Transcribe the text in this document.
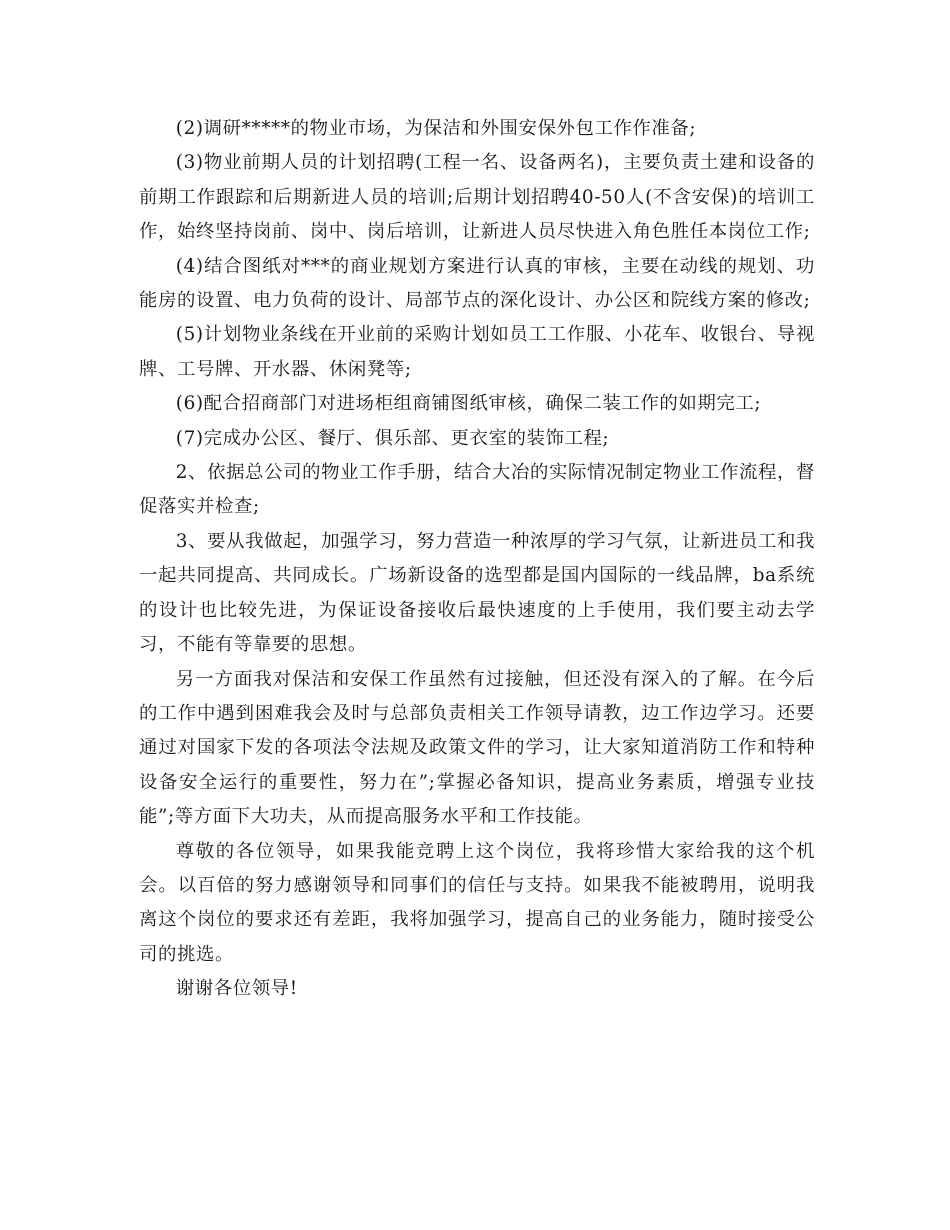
(2)调研*****的物业市场，为保洁和外围安保外包工作作准备;

(3)物业前期人员的计划招聘(工程一名、设备两名)，主要负责土建和设备的前期工作跟踪和后期新进人员的培训;后期计划招聘40-50人(不含安保)的培训工作，始终坚持岗前、岗中、岗后培训，让新进人员尽快进入角色胜任本岗位工作;

(4)结合图纸对***的商业规划方案进行认真的审核，主要在动线的规划、功能房的设置、电力负荷的设计、局部节点的深化设计、办公区和院线方案的修改;

(5)计划物业条线在开业前的采购计划如员工工作服、小花车、收银台、导视牌、工号牌、开水器、休闲凳等;

(6)配合招商部门对进场柜组商铺图纸审核，确保二装工作的如期完工;

(7)完成办公区、餐厅、俱乐部、更衣室的装饰工程;

2、依据总公司的物业工作手册，结合大冶的实际情况制定物业工作流程，督促落实并检查;

3、要从我做起，加强学习，努力营造一种浓厚的学习气氛，让新进员工和我一起共同提高、共同成长。广场新设备的选型都是国内国际的一线品牌，ba系统的设计也比较先进，为保证设备接收后最快速度的上手使用，我们要主动去学习，不能有等靠要的思想。

另一方面我对保洁和安保工作虽然有过接触，但还没有深入的了解。在今后的工作中遇到困难我会及时与总部负责相关工作领导请教，边工作边学习。还要通过对国家下发的各项法令法规及政策文件的学习，让大家知道消防工作和特种设备安全运行的重要性，努力在”;掌握必备知识，提高业务素质，增强专业技能”;等方面下大功夫，从而提高服务水平和工作技能。

尊敬的各位领导，如果我能竞聘上这个岗位，我将珍惜大家给我的这个机会。以百倍的努力感谢领导和同事们的信任与支持。如果我不能被聘用，说明我离这个岗位的要求还有差距，我将加强学习，提高自己的业务能力，随时接受公司的挑选。

谢谢各位领导!
